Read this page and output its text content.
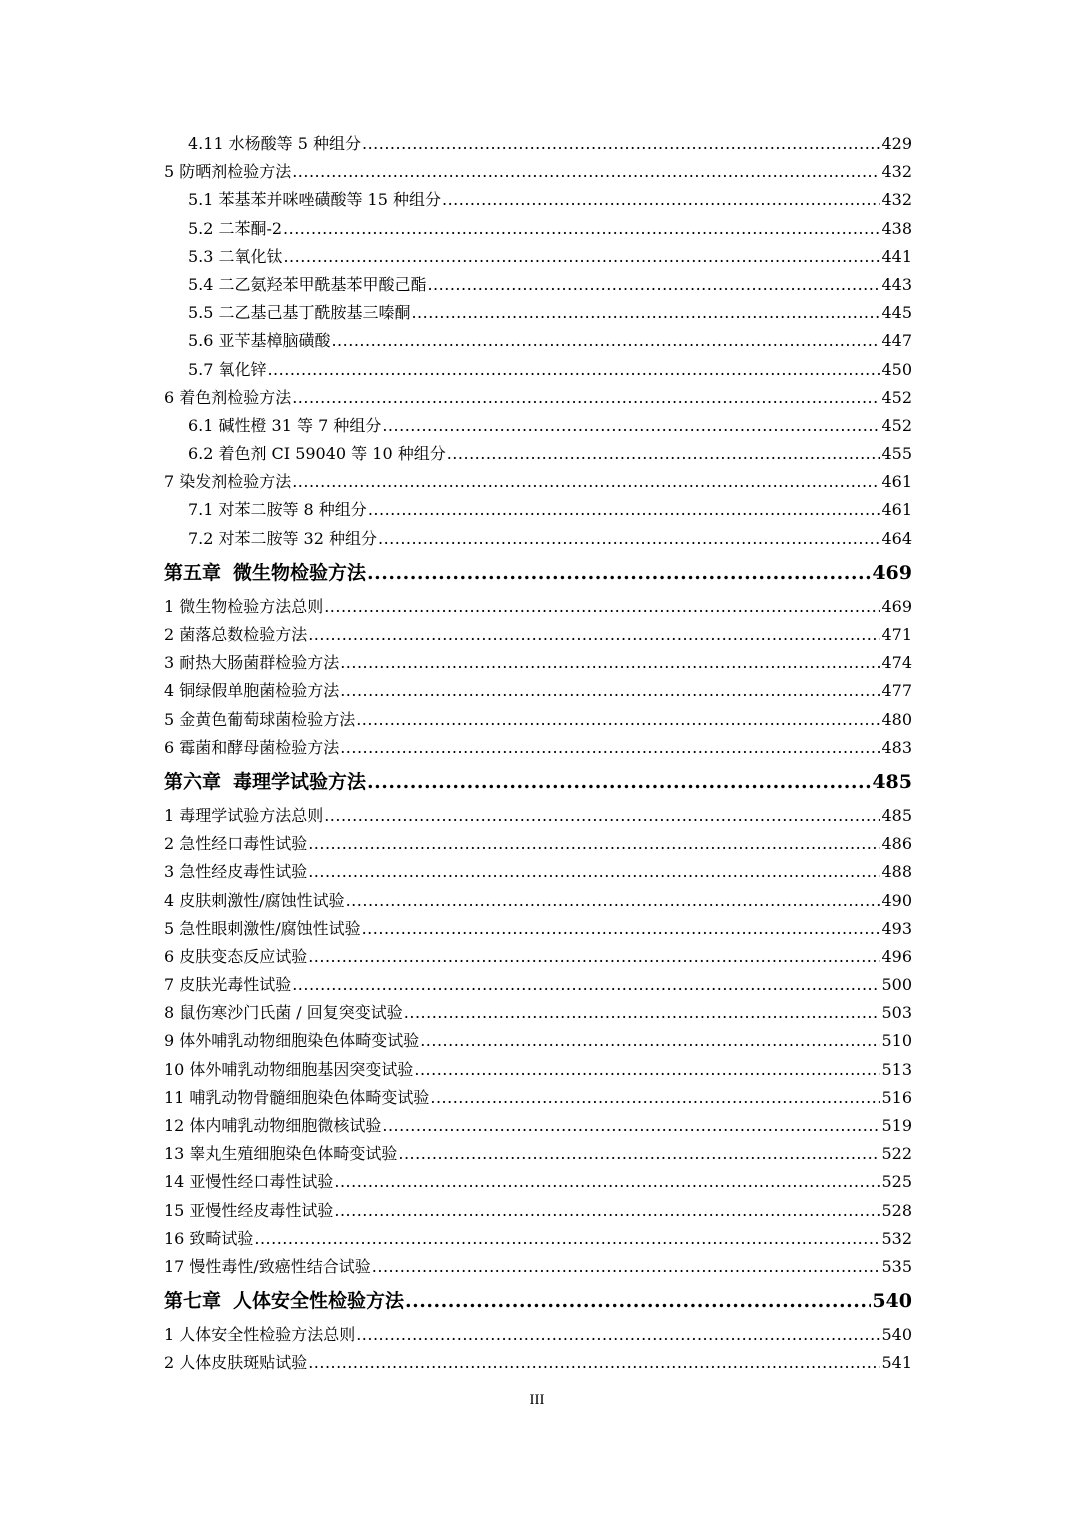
4.11 水杨酸等 5 种组分 .....	429
5 防晒剂检验方法 .....	432
5.1 苯基苯并咪唑磺酸等 15 种组分 .....	432
5.2 二苯酮-2 .....	438
5.3 二氧化钛 .....	441
5.4 二乙氨羟苯甲酰基苯甲酸己酯 .....	443
5.5 二乙基己基丁酰胺基三嗪酮 .....	445
5.6 亚苄基樟脑磺酸 .....	447
5.7 氧化锌 .....	450
6 着色剂检验方法 .....	452
6.1 碱性橙 31 等 7 种组分 .....	452
6.2 着色剂 CI 59040 等 10 种组分 .....	455
7 染发剂检验方法 .....	461
7.1 对苯二胺等 8 种组分 .....	461
7.2 对苯二胺等 32 种组分 .....	464
第五章 微生物检验方法 .....	469
1 微生物检验方法总则 .....	469
2 菌落总数检验方法 .....	471
3 耐热大肠菌群检验方法 .....	474
4 铜绿假单胞菌检验方法 .....	477
5 金黄色葡萄球菌检验方法 .....	480
6 霉菌和酵母菌检验方法 .....	483
第六章 毒理学试验方法 .....	485
1 毒理学试验方法总则 .....	485
2 急性经口毒性试验 .....	486
3 急性经皮毒性试验 .....	488
4 皮肤刺激性/腐蚀性试验 .....	490
5 急性眼刺激性/腐蚀性试验 .....	493
6 皮肤变态反应试验 .....	496
7 皮肤光毒性试验 .....	500
8 鼠伤寒沙门氏菌 / 回复突变试验 .....	503
9 体外哺乳动物细胞染色体畸变试验 .....	510
10 体外哺乳动物细胞基因突变试验 .....	513
11 哺乳动物骨髓细胞染色体畸变试验 .....	516
12 体内哺乳动物细胞微核试验 .....	519
13 睾丸生殖细胞染色体畸变试验 .....	522
14 亚慢性经口毒性试验 .....	525
15 亚慢性经皮毒性试验 .....	528
16 致畸试验 .....	532
17 慢性毒性/致癌性结合试验 .....	535
第七章 人体安全性检验方法 .....	540
1 人体安全性检验方法总则 .....	540
2 人体皮肤斑贴试验 .....	541
III
